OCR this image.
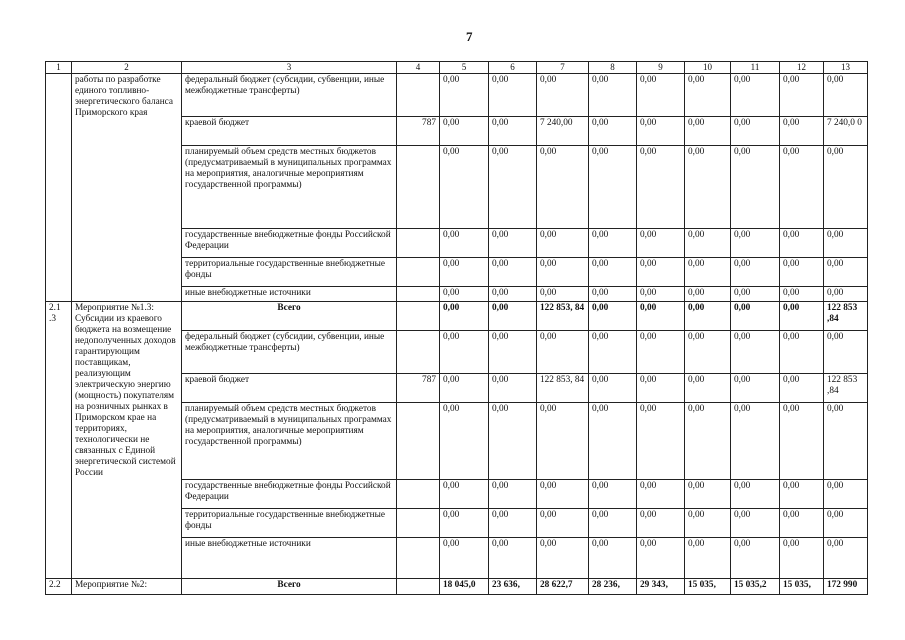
7
1	2	3	4	5	6	7	8	9	10	11	12	13
	работы по разработке единого топливно-энергетического баланса Приморского края	федеральный бюджет (субсидии, субвенции, иные межбюджетные трансферты)		0,00	0,00	0,00	0,00	0,00	0,00	0,00	0,00	0,00
		краевой бюджет	787	0,00	0,00	7 240,00	0,00	0,00	0,00	0,00	0,00	7 240,0 0
		планируемый объем средств местных бюджетов (предусматриваемый в муниципальных программах на мероприятия, аналогичные мероприятиям государственной программы)		0,00	0,00	0,00	0,00	0,00	0,00	0,00	0,00	0,00
		государственные внебюджетные фонды Российской Федерации		0,00	0,00	0,00	0,00	0,00	0,00	0,00	0,00	0,00
		территориальные государственные внебюджетные фонды		0,00	0,00	0,00	0,00	0,00	0,00	0,00	0,00	0,00
		иные внебюджетные источники		0,00	0,00	0,00	0,00	0,00	0,00	0,00	0,00	0,00
2.1 .3	Мероприятие №1.3: Субсидии из краевого бюджета на возмещение недополученных доходов гарантирующим поставщикам, реализующим электрическую энергию (мощность) покупателям на розничных рынках в Приморском крае на территориях, технологически не связанных с Единой энергетической системой России	Всего		0,00	0,00	122 853, 84	0,00	0,00	0,00	0,00	0,00	122 853 ,84
		федеральный бюджет (субсидии, субвенции, иные межбюджетные трансферты)		0,00	0,00	0,00	0,00	0,00	0,00	0,00	0,00	0,00
		краевой бюджет	787	0,00	0,00	122 853, 84	0,00	0,00	0,00	0,00	0,00	122 853 ,84
		планируемый объем средств местных бюджетов (предусматриваемый в муниципальных программах на мероприятия, аналогичные мероприятиям государственной программы)		0,00	0,00	0,00	0,00	0,00	0,00	0,00	0,00	0,00
		государственные внебюджетные фонды Российской Федерации		0,00	0,00	0,00	0,00	0,00	0,00	0,00	0,00	0,00
		территориальные государственные внебюджетные фонды		0,00	0,00	0,00	0,00	0,00	0,00	0,00	0,00	0,00
		иные внебюджетные источники		0,00	0,00	0,00	0,00	0,00	0,00	0,00	0,00	0,00
2.2	Мероприятие №2:	Всего		18 045,0	23 636,	28 622,7	28 236,	29 343,	15 035,	15 035,2	15 035,	172 990
